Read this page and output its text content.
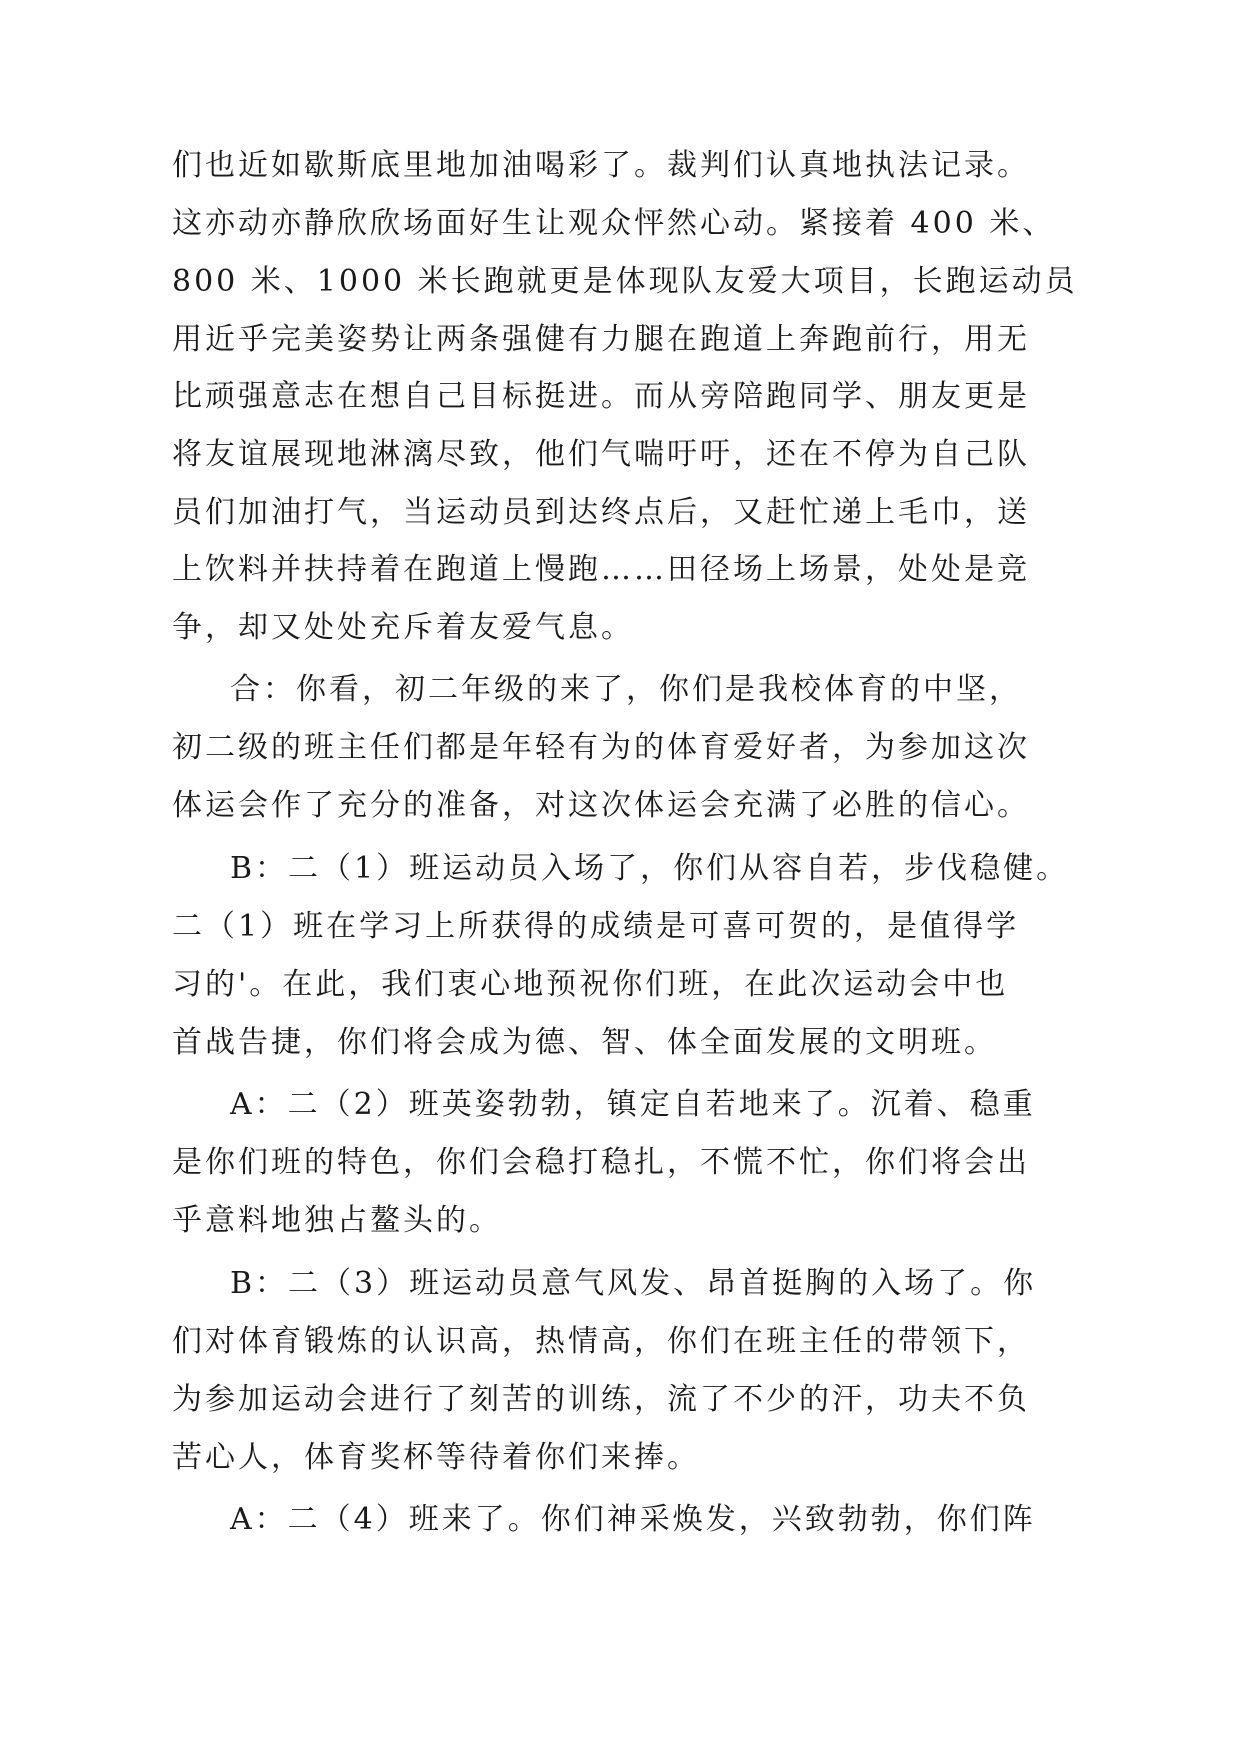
们也近如歇斯底里地加油喝彩了。裁判们认真地执法记录。
这亦动亦静欣欣场面好生让观众怦然心动。紧接着 400 米、
800 米、1000 米长跑就更是体现队友爱大项目，长跑运动员
用近乎完美姿势让两条强健有力腿在跑道上奔跑前行，用无
比顽强意志在想自己目标挺进。而从旁陪跑同学、朋友更是
将友谊展现地淋漓尽致，他们气喘吁吁，还在不停为自己队
员们加油打气，当运动员到达终点后，又赶忙递上毛巾，送
上饮料并扶持着在跑道上慢跑……田径场上场景，处处是竞
争，却又处处充斥着友爱气息。
合：你看，初二年级的来了，你们是我校体育的中坚，
初二级的班主任们都是年轻有为的体育爱好者，为参加这次
体运会作了充分的准备，对这次体运会充满了必胜的信心。
B：二（1）班运动员入场了，你们从容自若，步伐稳健。
二（1）班在学习上所获得的成绩是可喜可贺的，是值得学
习的'。在此，我们衷心地预祝你们班，在此次运动会中也
首战告捷，你们将会成为德、智、体全面发展的文明班。
A：二（2）班英姿勃勃，镇定自若地来了。沉着、稳重
是你们班的特色，你们会稳打稳扎，不慌不忙，你们将会出
乎意料地独占鳌头的。
B：二（3）班运动员意气风发、昂首挺胸的入场了。你
们对体育锻炼的认识高，热情高，你们在班主任的带领下，
为参加运动会进行了刻苦的训练，流了不少的汗，功夫不负
苦心人，体育奖杯等待着你们来捧。
A：二（4）班来了。你们神采焕发，兴致勃勃，你们阵
